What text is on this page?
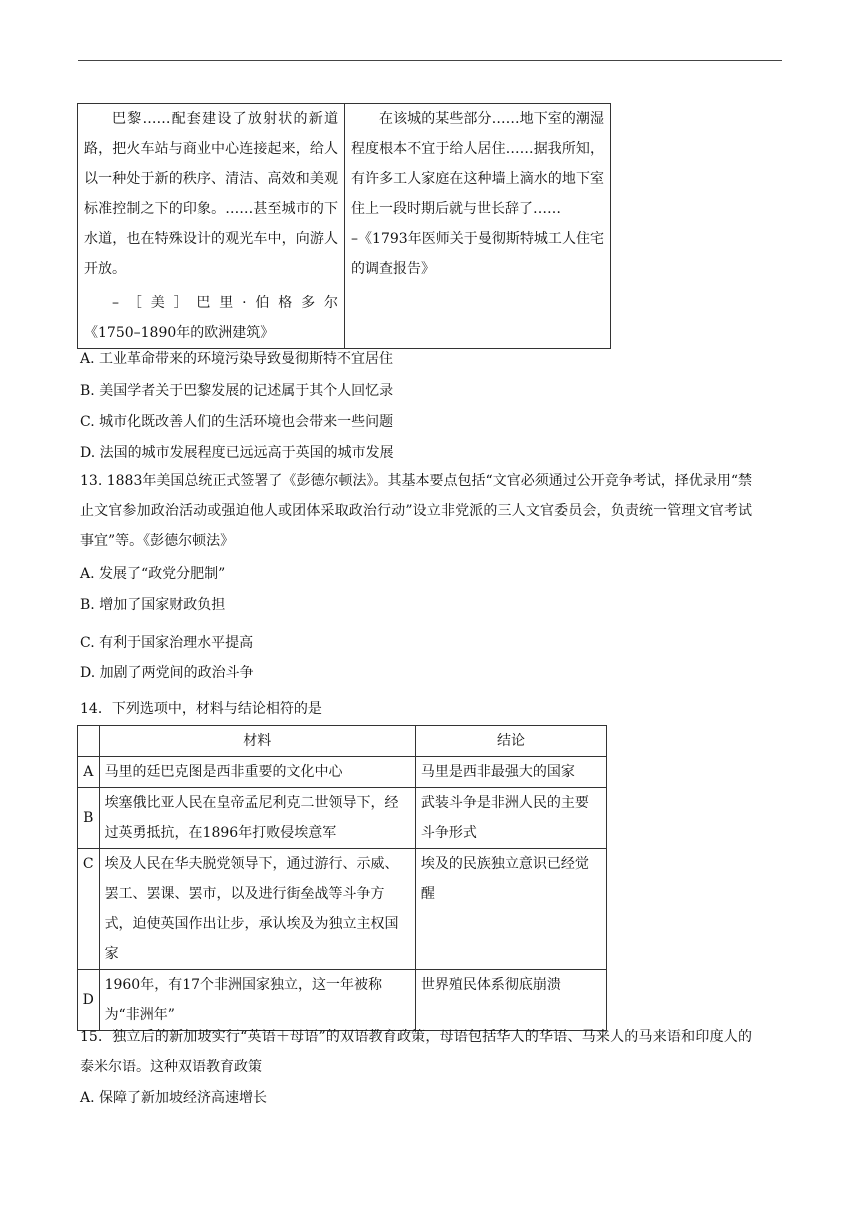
巴黎……配套建设了放射状的新道路，把火车站与商业中心连接起来，给人以一种处于新的秩序、清洁、高效和美观标准控制之下的印象。……甚至城市的下水道，也在特殊设计的观光车中，向游人开放。
–［美］巴里·伯格多尔
《1750–1890年的欧洲建筑》

在该城的某些部分……地下室的潮湿程度根本不宜于给人居住……据我所知，有许多工人家庭在这种墙上滴水的地下室住上一段时期后就与世长辞了……
–《1793年医师关于曼彻斯特城工人住宅的调查报告》
A. 工业革命带来的环境污染导致曼彻斯特不宜居住
B. 美国学者关于巴黎发展的记述属于其个人回忆录
C. 城市化既改善人们的生活环境也会带来一些问题
D. 法国的城市发展程度已远远高于英国的城市发展
13. 1883年美国总统正式签署了《彭德尔顿法》。其基本要点包括“文官必须通过公开竞争考试，择优录用“禁止文官参加政治活动或强迫他人或团体采取政治行动”设立非党派的三人文官委员会，负责统一管理文官考试事宜”等。《彭德尔顿法》
A. 发展了“政党分肥制”
B. 增加了国家财政负担
C. 有利于国家治理水平提高
D. 加剧了两党间的政治斗争
14．下列选项中，材料与结论相符的是
	材料	结论
A	马里的廷巴克图是西非重要的文化中心	马里是西非最强大的国家
B	埃塞俄比亚人民在皇帝孟尼利克二世领导下，经过英勇抵抗，在1896年打败侵埃意军	武装斗争是非洲人民的主要斗争形式
C	埃及人民在华夫脱党领导下，通过游行、示威、罢工、罢课、罢市，以及进行街垒战等斗争方式，迫使英国作出让步，承认埃及为独立主权国家	埃及的民族独立意识已经觉醒
D	1960年，有17个非洲国家独立，这一年被称为“非洲年”	世界殖民体系彻底崩溃
15．独立后的新加坡实行“英语＋母语”的双语教育政策，母语包括华人的华语、马来人的马来语和印度人的泰米尔语。这种双语教育政策
A. 保障了新加坡经济高速增长
